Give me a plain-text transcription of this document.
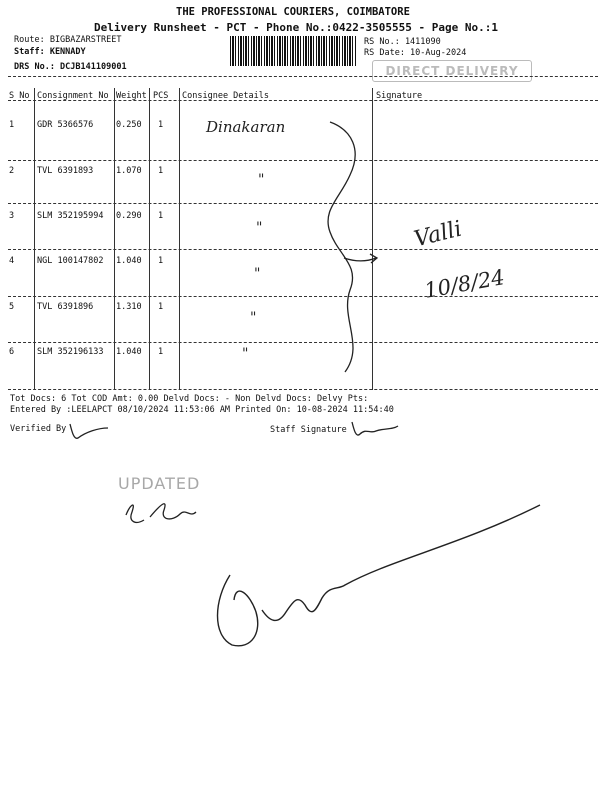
THE PROFESSIONAL COURIERS, COIMBATORE
Delivery Runsheet - PCT - Phone No.:0422-3505555 - Page No.:1
Route: BIGBAZARSTREET
Staff: KENNADY
DRS No.: DCJB141109001
RS No.: 1411090
RS Date: 10-Aug-2024
DIRECT DELIVERY
S No Consignment No Weight PCS Consignee Details	Signature
1	GDR 5366576	0.250 1
2	TVL 6391893	1.070 1
3	SLM 352195994 0.290 1
4	NGL 100147802 1.040 1
5	TVL 6391896	1.310 1
6	SLM 352196133 1.040 1
Dinakaran
"
"
"
"
"
Valli
10/8/24
UPDATED
Tot Docs: 6 Tot COD Amt: 0.00 Delvd Docs: - Non Delvd Docs: Delvy Pts:
Entered By :LEELAPCT 08/10/2024 11:53:06 AM Printed On: 10-08-2024 11:54:40
Verified By	Staff Signature
